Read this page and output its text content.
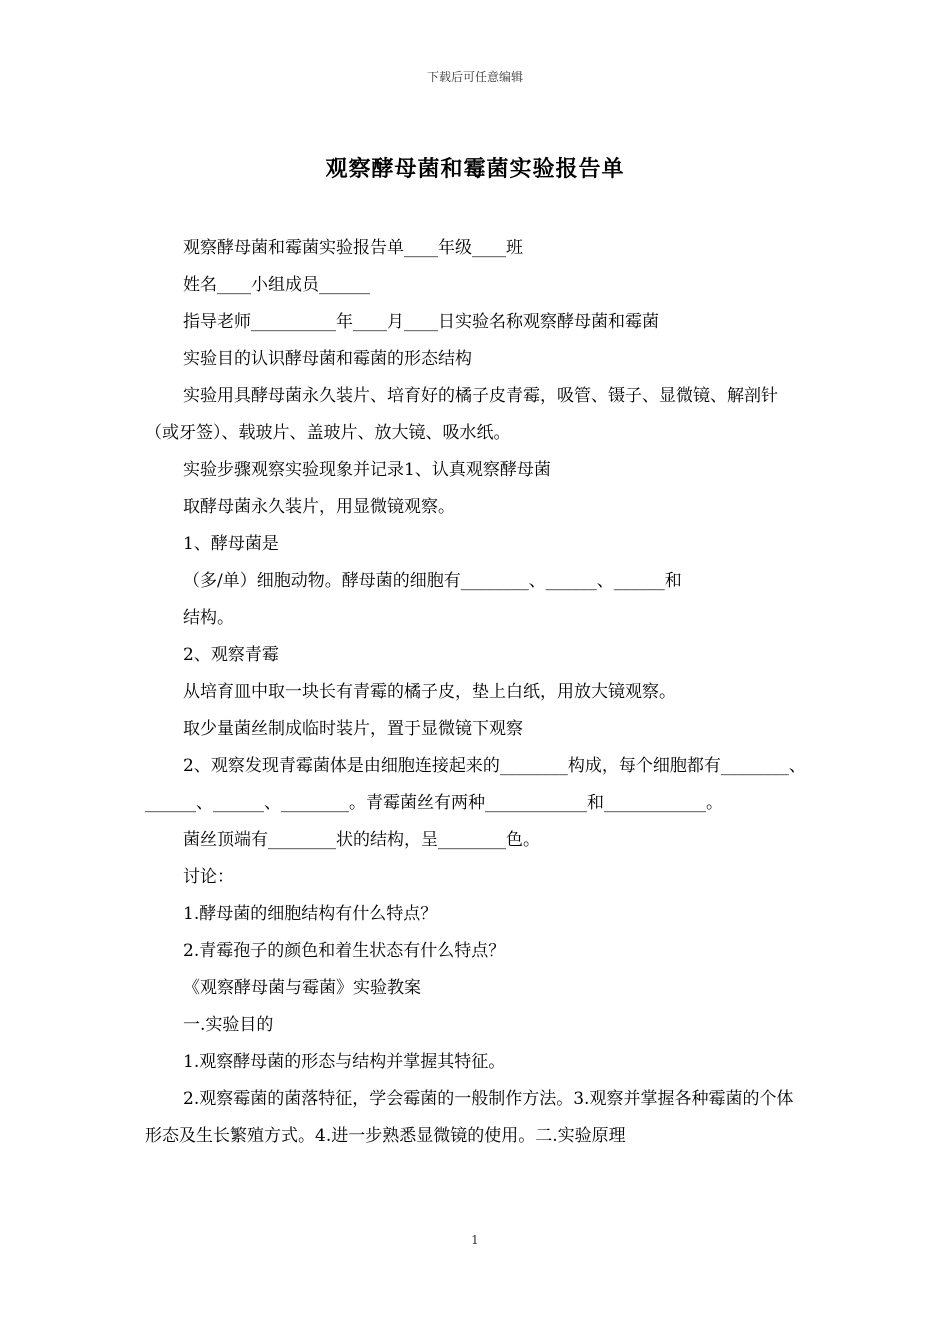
下载后可任意编辑
观察酵母菌和霉菌实验报告单

观察酵母菌和霉菌实验报告单____年级____班

姓名____小组成员______

指导老师__________年____月____日实验名称观察酵母菌和霉菌

实验目的认识酵母菌和霉菌的形态结构

实验用具酵母菌永久装片、培育好的橘子皮青霉，吸管、镊子、显微镜、解剖针（或牙签）、载玻片、盖玻片、放大镜、吸水纸。

实验步骤观察实验现象并记录1、认真观察酵母菌

取酵母菌永久装片，用显微镜观察。

1、酵母菌是

（多/单）细胞动物。酵母菌的细胞有________、______、______和

结构。

2、观察青霉

从培育皿中取一块长有青霉的橘子皮，垫上白纸，用放大镜观察。

取少量菌丝制成临时装片，置于显微镜下观察

2、观察发现青霉菌体是由细胞连接起来的________构成，每个细胞都有________、______、______、________。青霉菌丝有两种____________和____________。

菌丝顶端有________状的结构，呈________色。

讨论：

1.酵母菌的细胞结构有什么特点？

2.青霉孢子的颜色和着生状态有什么特点？

《观察酵母菌与霉菌》实验教案

一.实验目的

1.观察酵母菌的形态与结构并掌握其特征。

2.观察霉菌的菌落特征，学会霉菌的一般制作方法。3.观察并掌握各种霉菌的个体形态及生长繁殖方式。4.进一步熟悉显微镜的使用。二.实验原理

1
